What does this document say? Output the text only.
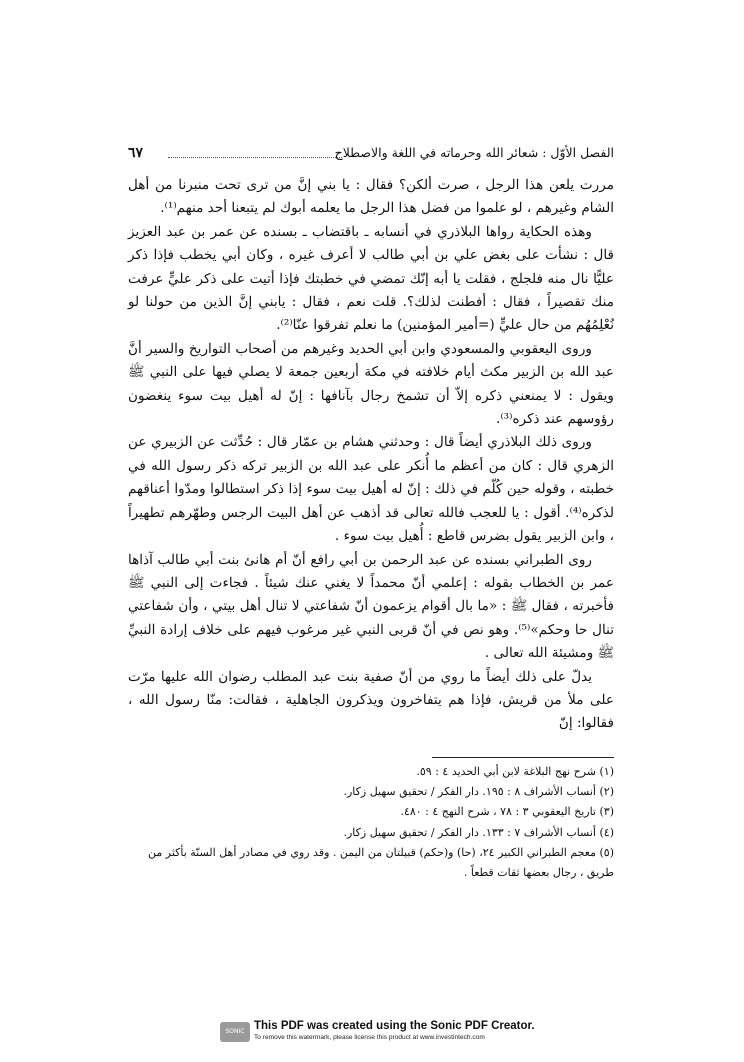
الفصل الأوّل : شعائر الله وحرماته في اللغة والاصطلاح
٦٧

مررت يلعن هذا الرجل ، صرت ألكن؟ فقال : يا بني إنَّ من ترى تحت منبرنا من أهل الشام وغيرهم ، لو علموا من فضل هذا الرجل ما يعلمه أبوك لم يتبعنا أحد منهم⁽¹⁾.

وهذه الحكاية رواها البلاذري في أنسابه ـ باقتضاب ـ بسنده عن عمر بن عبد العزيز قال : نشأت على بغض علي بن أبي طالب لا أعرف غيره ، وكان أبي يخطب فإذا ذكر عليًّا نال منه فلجلج ، فقلت يا أبه إنّك تمضي في خطبتك فإذا أتيت على ذكر عليٍّ عرفت منك تقصيراً ، فقال : أفطنت لذلك؟. قلت نعم ، فقال : يابني إنَّ الذين من حولنا لو نُعْلِمُهُم من حال عليٍّ (=أمير المؤمنين) ما نعلم تفرقوا عنّا⁽²⁾.

وروى اليعقوبي والمسعودي وابن أبي الحديد وغيرهم من أصحاب التواريخ والسير أنَّ عبد الله بن الزبير مكث أيام خلافته في مكة أربعين جمعة لا يصلي فيها على النبي ﷺ ويقول : لا يمنعني ذكره إلاّ أن تشمخ رجال بآنافها : إنّ له أهيل بيت سوء ينغضون رؤوسهم عند ذكره⁽³⁾.

وروى ذلك البلاذري أيضاً قال : وحدثني هشام بن عمّار قال : حُدِّثت عن الزبيري عن الزهري قال : كان من أعظم ما أُنكر على عبد الله بن الزبير تركه ذكر رسول الله في خطبته ، وقوله حين كُلّم في ذلك : إنّ له أهيل بيت سوء إذا ذكر استطالوا ومدّوا أعناقهم لذكره⁽⁴⁾. أقول : يا للعجب فالله تعالى قد أذهب عن أهل البيت الرجس وطهّرهم تطهيراً ، وابن الزبير يقول بضرس قاطع : أُهيل بيت سوء .

روى الطبراني بسنده عن عبد الرحمن بن أبي رافع أنّ أم هانئ بنت أبي طالب آذاها عمر بن الخطاب بقوله : إعلمي أنّ محمداً لا يغني عنك شيئاً . فجاءت إلى النبي ﷺ فأخبرته ، فقال ﷺ : «ما بال أقوام يزعمون أنّ شفاعتي لا تنال أهل بيتي ، وأن شفاعتي تنال حا وحكم»⁽⁵⁾. وهو نص في أنّ قربى النبي غير مرغوب فيهم على خلاف إرادة النبيِّ ﷺ ومشيئة الله تعالى .

يدلّ على ذلك أيضاً ما روي من أنّ صفية بنت عبد المطلب رضوان الله عليها مرّت على ملأ من قريش، فإذا هم يتفاخرون ويذكرون الجاهلية ، فقالت: منّا رسول الله ، فقالوا: إنّ

(١) شرح نهج البلاغة لابن أبي الحديد ٤ : ٥٩.

(٢) أنساب الأشراف ٨ : ١٩٥. دار الفكر / تحقيق سهيل زكار.

(٣) تاريخ اليعقوبي ٣ : ٧٨ ، شرح النهج ٤ : ٤٨٠.

(٤) أنساب الأشراف ٧ : ١٣٣. دار الفكر / تحقيق سهيل زكار.

(٥) معجم الطبراني الكبير ٢٤، (حا) و(حكم) قبيلتان من اليمن . وقد روي في مصادر أهل السنّة بأكثر من طريق ، رجال بعضها ثقات قطعاً .

SONIC PDF
This PDF was created using the Sonic PDF Creator.
To remove this watermark, please license this product at www.investintech.com
